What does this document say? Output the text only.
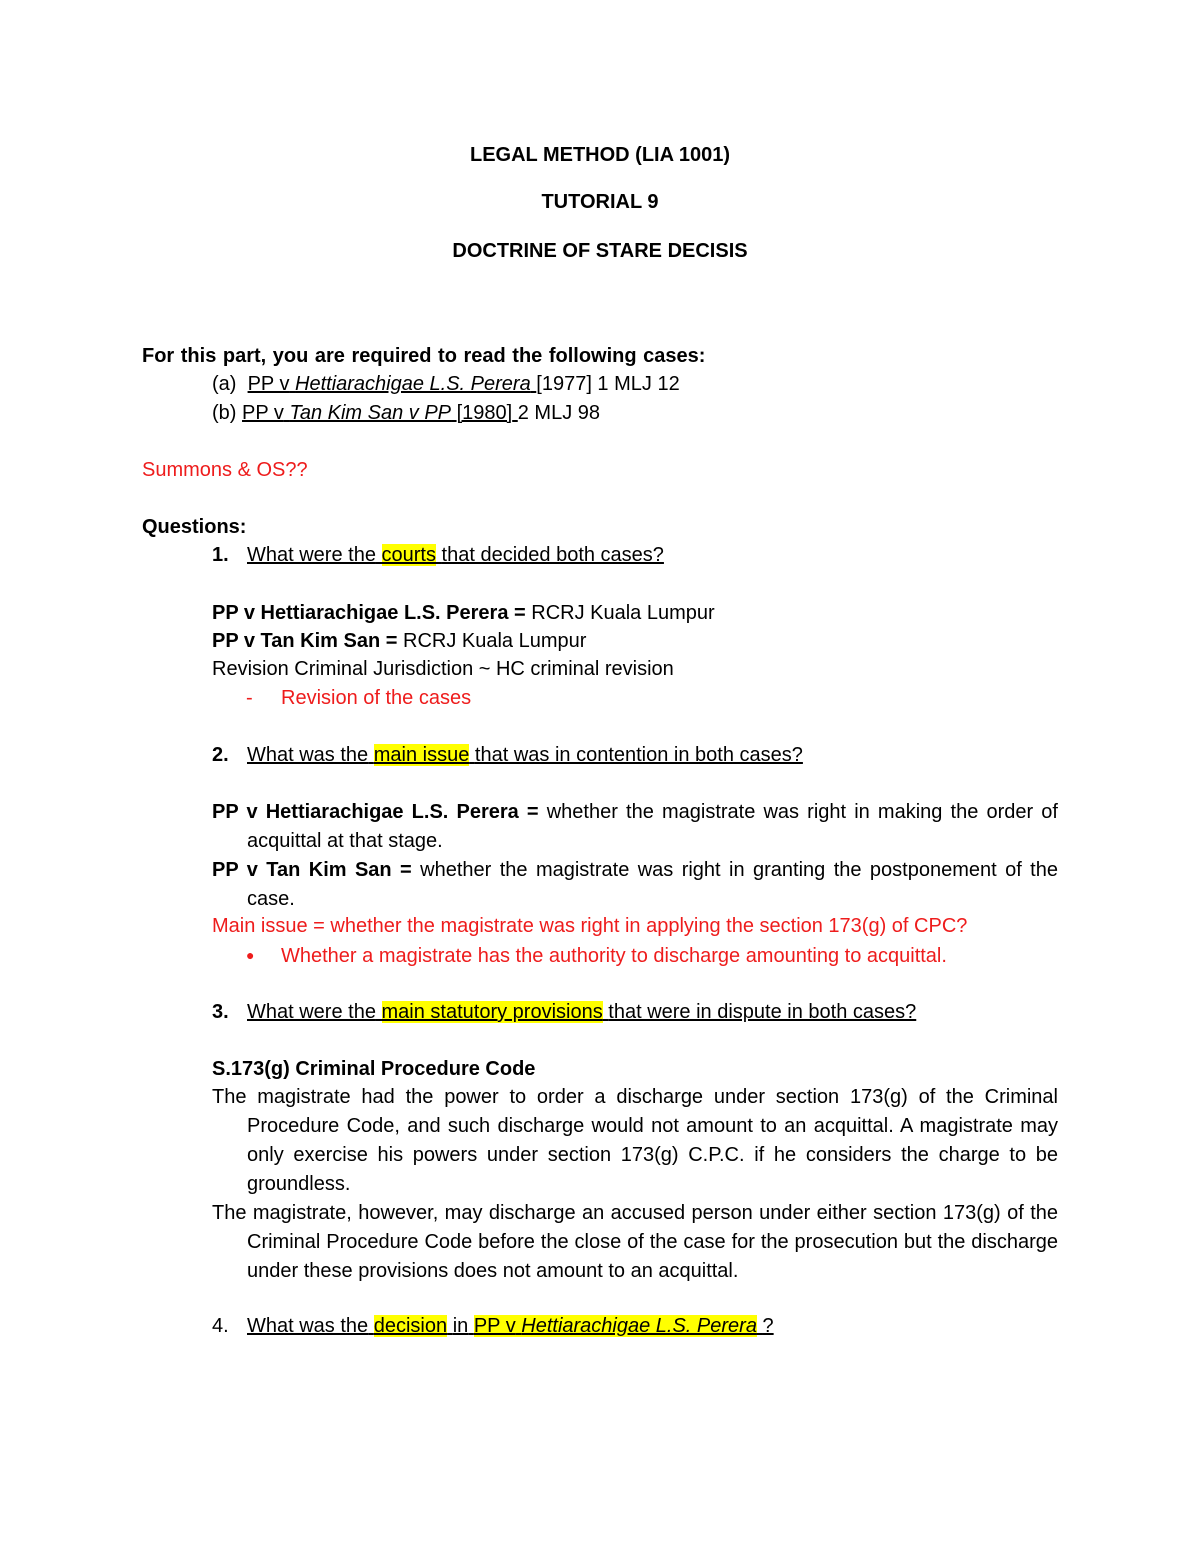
LEGAL METHOD (LIA 1001)
TUTORIAL 9
DOCTRINE OF STARE DECISIS
For this part, you are required to read the following cases:
(a) PP v Hettiarachigae L.S. Perera [1977] 1 MLJ 12
(b) PP v Tan Kim San v PP [1980] 2 MLJ 98
Summons & OS??
Questions:
1. What were the courts that decided both cases?
PP v Hettiarachigae L.S. Perera = RCRJ Kuala Lumpur
PP v Tan Kim San = RCRJ Kuala Lumpur
Revision Criminal Jurisdiction ~ HC criminal revision
- Revision of the cases
2. What was the main issue that was in contention in both cases?
PP v Hettiarachigae L.S. Perera = whether the magistrate was right in making the order of acquittal at that stage.
PP v Tan Kim San = whether the magistrate was right in granting the postponement of the case.
Main issue = whether the magistrate was right in applying the section 173(g) of CPC?
● Whether a magistrate has the authority to discharge amounting to acquittal.
3. What were the main statutory provisions that were in dispute in both cases?
S.173(g) Criminal Procedure Code
The magistrate had the power to order a discharge under section 173(g) of the Criminal Procedure Code, and such discharge would not amount to an acquittal. A magistrate may only exercise his powers under section 173(g) C.P.C. if he considers the charge to be groundless.
The magistrate, however, may discharge an accused person under either section 173(g) of the Criminal Procedure Code before the close of the case for the prosecution but the discharge under these provisions does not amount to an acquittal.
4. What was the decision in PP v Hettiarachigae L.S. Perera ?
